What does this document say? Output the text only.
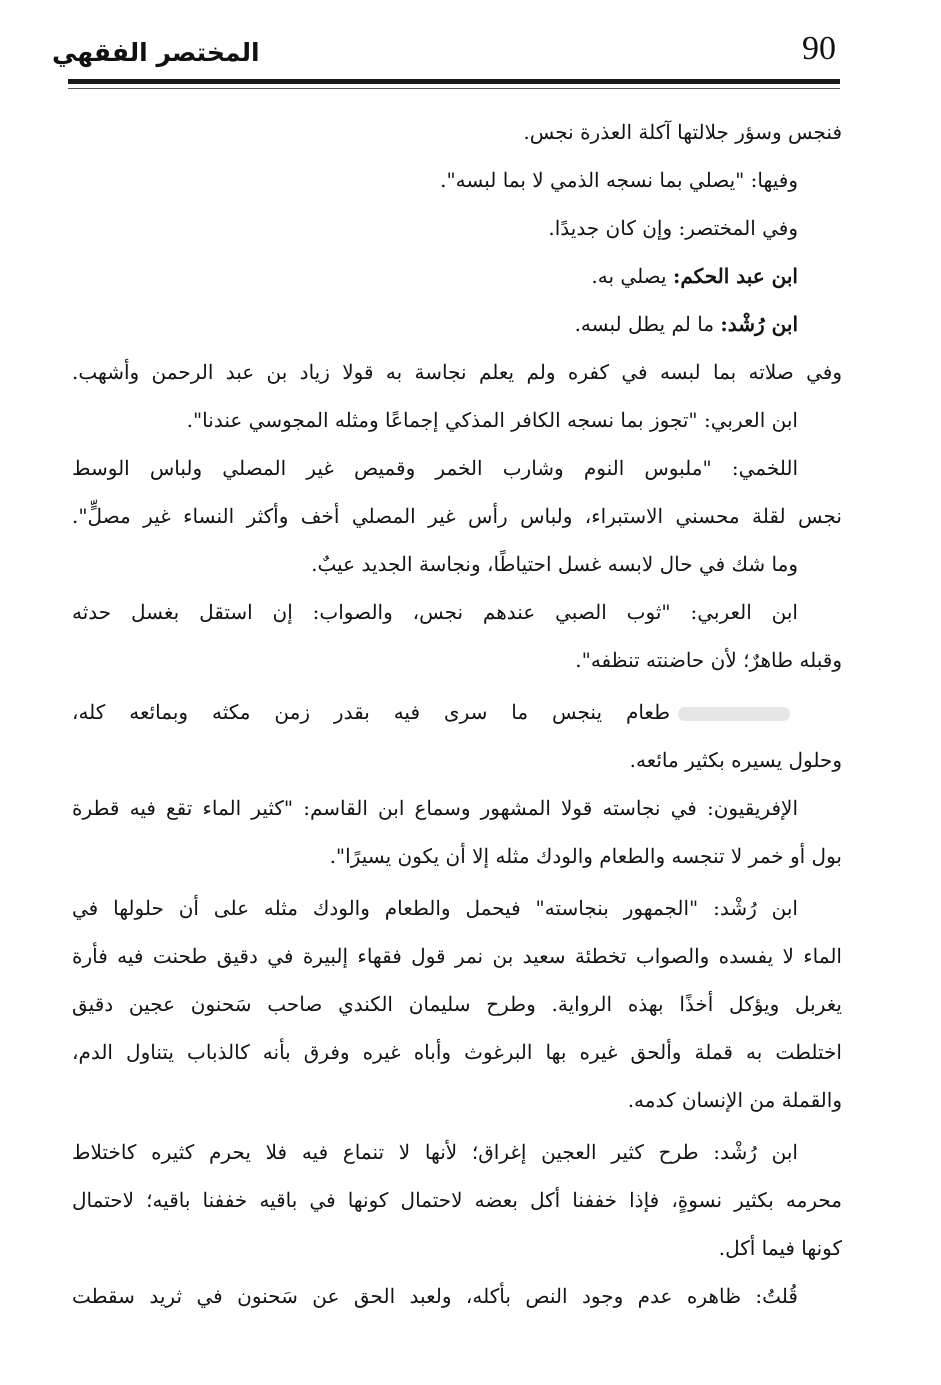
90
المختصر الفقهي
فنجس وسؤر جلالتها آكلة العذرة نجس.
وفيها: "يصلي بما نسجه الذمي لا بما لبسه".
وفي المختصر: وإن كان جديدًا.
ابن عبد الحكم: يصلي به.
ابن رُشْد: ما لم يطل لبسه.
وفي صلاته بما لبسه في كفره ولم يعلم نجاسة به قولا زياد بن عبد الرحمن وأشهب.
ابن العربي: "تجوز بما نسجه الكافر المذكي إجماعًا ومثله المجوسي عندنا".
اللخمي: "ملبوس النوم وشارب الخمر وقميص غير المصلي ولباس الوسط
نجس لقلة محسني الاستبراء، ولباس رأس غير المصلي أخف وأكثر النساء غير مصلٍّ".
وما شك في حال لابسه غسل احتياطًا، ونجاسة الجديد عيبٌ.
ابن العربي: "ثوب الصبي عندهم نجس، والصواب: إن استقل بغسل حدثه
وقبله طاهرٌ؛ لأن حاضنته تنظفه".
طعام ينجس ما سرى فيه بقدر زمن مكثه وبمائعه كله،
وحلول يسيره بكثير مائعه.
الإفريقيون: في نجاسته قولا المشهور وسماع ابن القاسم: "كثير الماء تقع فيه قطرة
بول أو خمر لا تنجسه والطعام والودك مثله إلا أن يكون يسيرًا".
ابن رُشْد: "الجمهور بنجاسته" فيحمل والطعام والودك مثله على أن حلولها في
الماء لا يفسده والصواب تخطئة سعيد بن نمر قول فقهاء إلبيرة في دقيق طحنت فيه فأرة
يغربل ويؤكل أخذًا بهذه الرواية. وطرح سليمان الكندي صاحب سَحنون عجين دقيق
اختلطت به قملة وألحق غيره بها البرغوث وأباه غيره وفرق بأنه كالذباب يتناول الدم،
والقملة من الإنسان كدمه.
ابن رُشْد: طرح كثير العجين إغراق؛ لأنها لا تنماع فيه فلا يحرم كثيره كاختلاط
محرمه بكثير نسوةٍ، فإذا خففنا أكل بعضه لاحتمال كونها في باقيه خففنا باقيه؛ لاحتمال
كونها فيما أكل.
قُلتُ: ظاهره عدم وجود النص بأكله، ولعبد الحق عن سَحنون في ثريد سقطت
